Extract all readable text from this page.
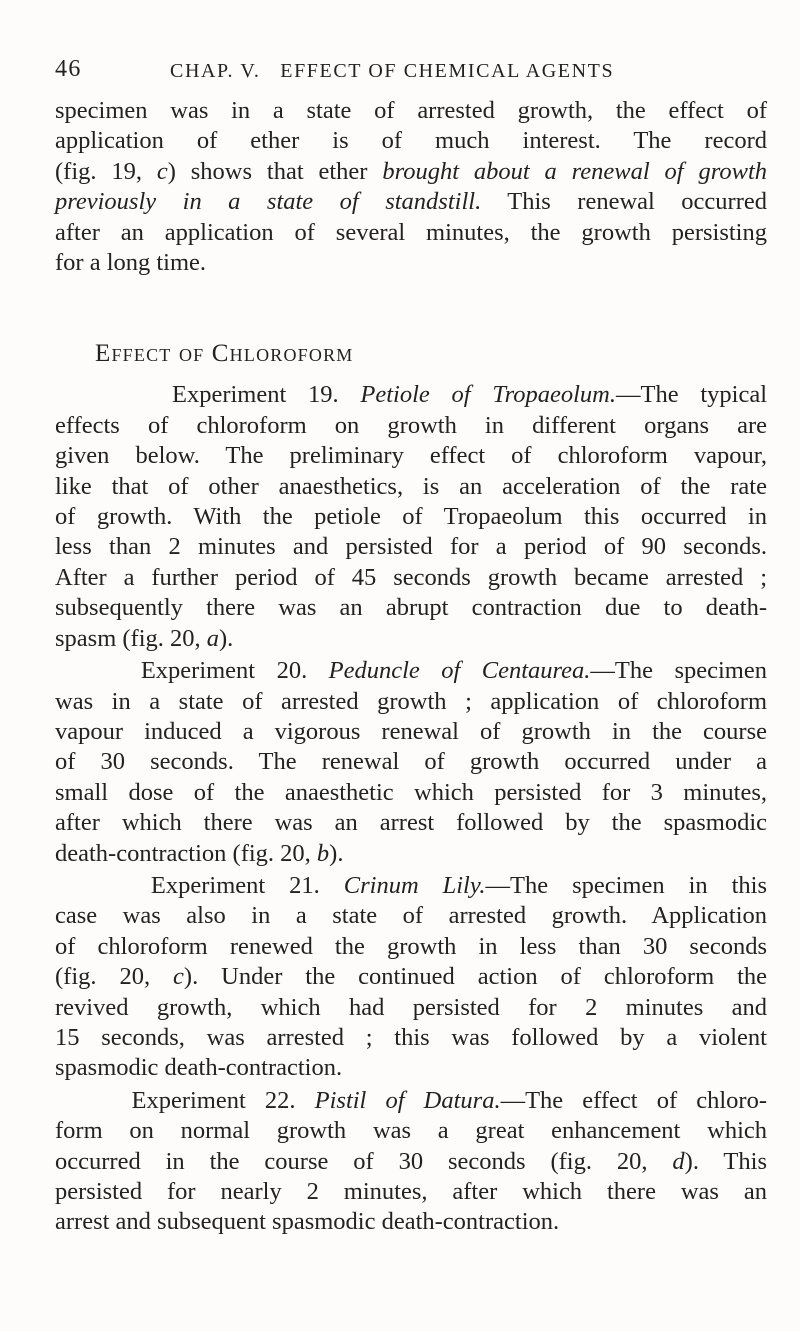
46	CHAP. V. EFFECT OF CHEMICAL AGENTS

specimen was in a state of arrested growth, the effect of
application of ether is of much interest. The record
(fig. 19, c) shows that ether brought about a renewal of growth
previously in a state of standstill. This renewal occurred
after an application of several minutes, the growth persisting
for a long time.

Effect of Chloroform

Experiment 19. Petiole of Tropaeolum.—The typical
effects of chloroform on growth in different organs are
given below. The preliminary effect of chloroform vapour,
like that of other anaesthetics, is an acceleration of the rate
of growth. With the petiole of Tropaeolum this occurred in
less than 2 minutes and persisted for a period of 90 seconds.
After a further period of 45 seconds growth became arrested ;
subsequently there was an abrupt contraction due to death-
spasm (fig. 20, a).

Experiment 20. Peduncle of Centaurea.—The specimen
was in a state of arrested growth ; application of chloroform
vapour induced a vigorous renewal of growth in the course
of 30 seconds. The renewal of growth occurred under a
small dose of the anaesthetic which persisted for 3 minutes,
after which there was an arrest followed by the spasmodic
death-contraction (fig. 20, b).

Experiment 21. Crinum Lily.—The specimen in this
case was also in a state of arrested growth. Application
of chloroform renewed the growth in less than 30 seconds
(fig. 20, c). Under the continued action of chloroform the
revived growth, which had persisted for 2 minutes and
15 seconds, was arrested ; this was followed by a violent
spasmodic death-contraction.

Experiment 22. Pistil of Datura.—The effect of chloro-
form on normal growth was a great enhancement which
occurred in the course of 30 seconds (fig. 20, d). This
persisted for nearly 2 minutes, after which there was an
arrest and subsequent spasmodic death-contraction.
